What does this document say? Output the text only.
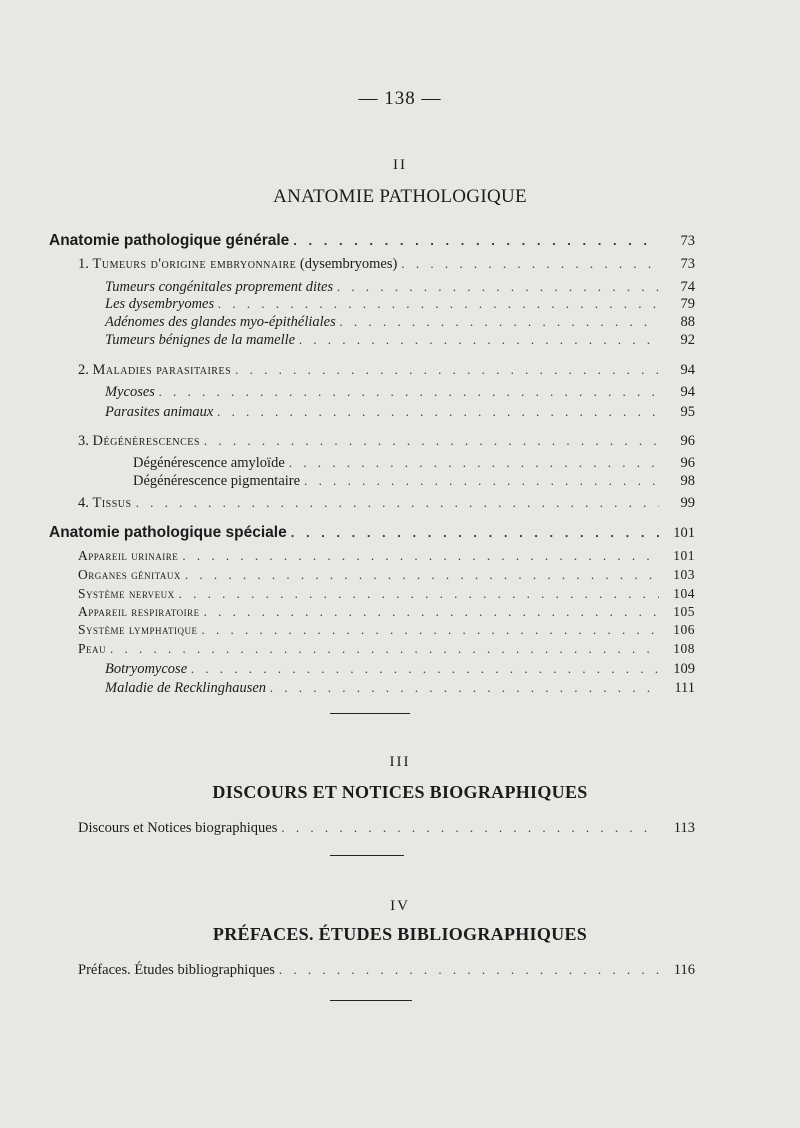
— 138 —
II
ANATOMIE PATHOLOGIQUE
Anatomie pathologique générale . . .	73
1. Tumeurs d'origine embryonnaire (dysembryomes) . . .	73
Tumeurs congénitales proprement dites . . .	74
Les dysembryomes . . .	79
Adénomes des glandes myo-épithéliales . . .	88
Tumeurs bénignes de la mamelle . . .	92
2. Maladies parasitaires . . .	94
Mycoses . . .	94
Parasites animaux . . .	95
3. Dégénérescences . . .	96
Dégénérescence amyloïde . . .	96
Dégénérescence pigmentaire . . .	98
4. Tissus . . .	99
Anatomie pathologique spéciale . . .	101
Appareil urinaire . . .	101
Organes génitaux . . .	103
Système nerveux . . .	104
Appareil respiratoire . . .	105
Système lymphatique . . .	106
Peau . . .	108
Botryomycose . . .	109
Maladie de Recklinghausen . . .	111
III
DISCOURS ET NOTICES BIOGRAPHIQUES
Discours et Notices biographiques . . .	113
IV
PRÉFACES. ÉTUDES BIBLIOGRAPHIQUES
Préfaces. Études bibliographiques . . .	116
